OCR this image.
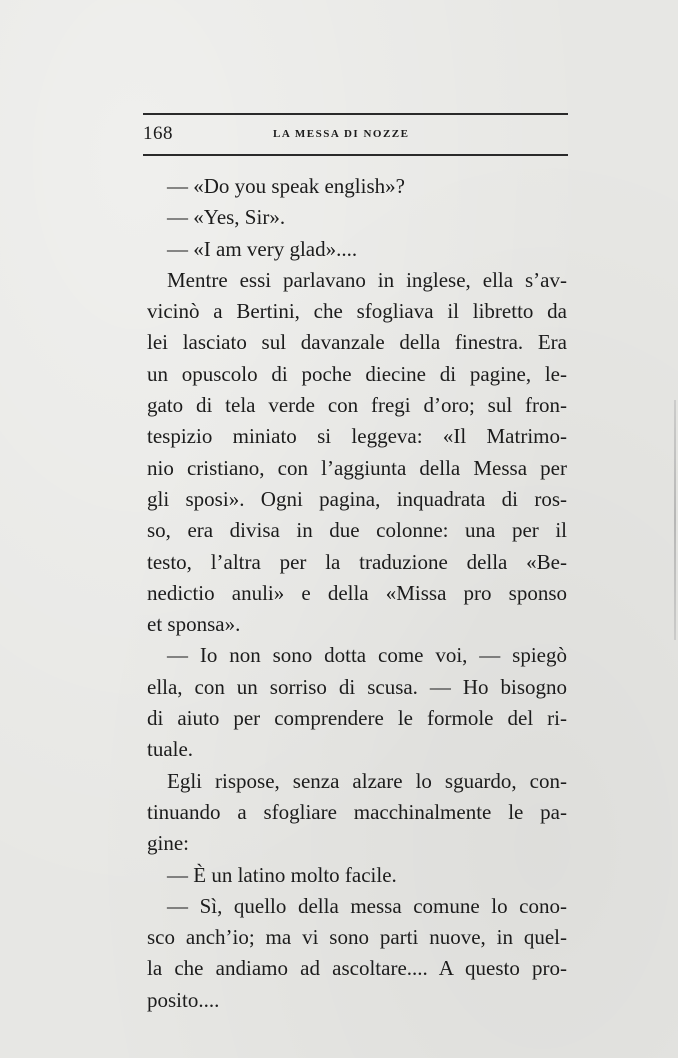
168	LA MESSA DI NOZZE
— «Do you speak english»?
— «Yes, Sir».
— «I am very glad»....
Mentre essi parlavano in inglese, ella s’av-
vicinò a Bertini, che sfogliava il libretto da
lei lasciato sul davanzale della finestra. Era
un opuscolo di poche diecine di pagine, le-
gato di tela verde con fregi d’oro; sul fron-
tespizio miniato si leggeva: «Il Matrimo-
nio cristiano, con l’aggiunta della Messa per
gli sposi». Ogni pagina, inquadrata di ros-
so, era divisa in due colonne: una per il
testo, l’altra per la traduzione della «Be-
nedictio anuli» e della «Missa pro sponso
et sponsa».
— Io non sono dotta come voi, — spiegò
ella, con un sorriso di scusa. — Ho bisogno
di aiuto per comprendere le formole del ri-
tuale.
Egli rispose, senza alzare lo sguardo, con-
tinuando a sfogliare macchinalmente le pa-
gine:
— È un latino molto facile.
— Sì, quello della messa comune lo cono-
sco anch’io; ma vi sono parti nuove, in quel-
la che andiamo ad ascoltare.... A questo pro-
posito....
